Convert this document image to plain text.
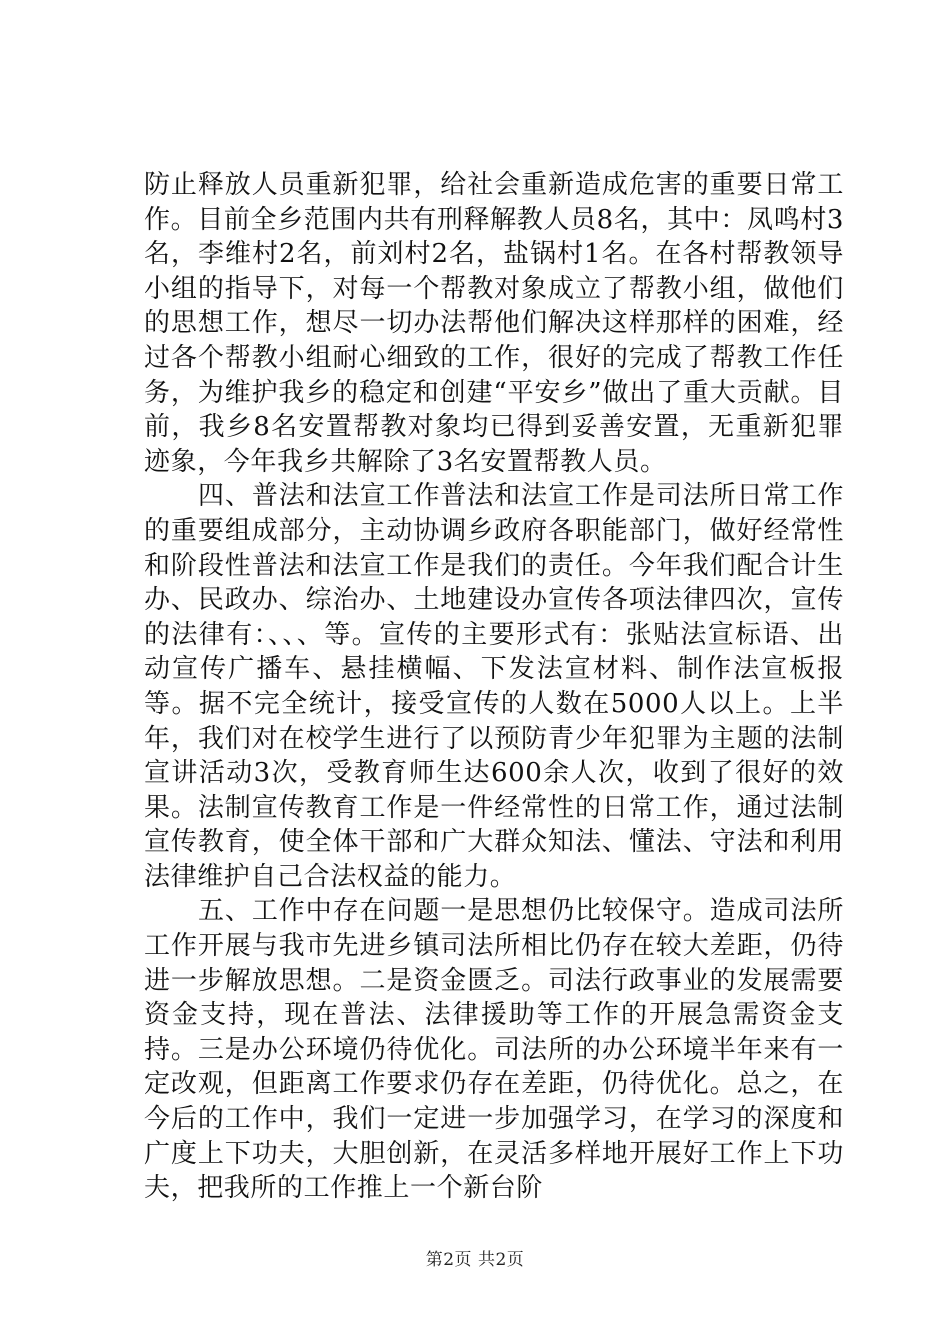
防止释放人员重新犯罪，给社会重新造成危害的重要日常工作。目前全乡范围内共有刑释解教人员8名，其中：凤鸣村3名，李维村2名，前刘村2名，盐锅村1名。在各村帮教领导小组的指导下，对每一个帮教对象成立了帮教小组，做他们的思想工作，想尽一切办法帮他们解决这样那样的困难，经过各个帮教小组耐心细致的工作，很好的完成了帮教工作任务，为维护我乡的稳定和创建“平安乡”做出了重大贡献。目前，我乡8名安置帮教对象均已得到妥善安置，无重新犯罪迹象，今年我乡共解除了3名安置帮教人员。

四、普法和法宣工作普法和法宣工作是司法所日常工作的重要组成部分，主动协调乡政府各职能部门，做好经常性和阶段性普法和法宣工作是我们的责任。今年我们配合计生办、民政办、综治办、土地建设办宣传各项法律四次，宣传的法律有：、、、等。宣传的主要形式有：张贴法宣标语、出动宣传广播车、悬挂横幅、下发法宣材料、制作法宣板报等。据不完全统计，接受宣传的人数在5000人以上。上半年，我们对在校学生进行了以预防青少年犯罪为主题的法制宣讲活动3次，受教育师生达600余人次，收到了很好的效果。法制宣传教育工作是一件经常性的日常工作，通过法制宣传教育，使全体干部和广大群众知法、懂法、守法和利用法律维护自己合法权益的能力。

五、工作中存在问题一是思想仍比较保守。造成司法所工作开展与我市先进乡镇司法所相比仍存在较大差距，仍待进一步解放思想。二是资金匮乏。司法行政事业的发展需要资金支持，现在普法、法律援助等工作的开展急需资金支持。三是办公环境仍待优化。司法所的办公环境半年来有一定改观，但距离工作要求仍存在差距，仍待优化。总之，在今后的工作中，我们一定进一步加强学习，在学习的深度和广度上下功夫，大胆创新，在灵活多样地开展好工作上下功夫，把我所的工作推上一个新台阶

第2页 共2页
